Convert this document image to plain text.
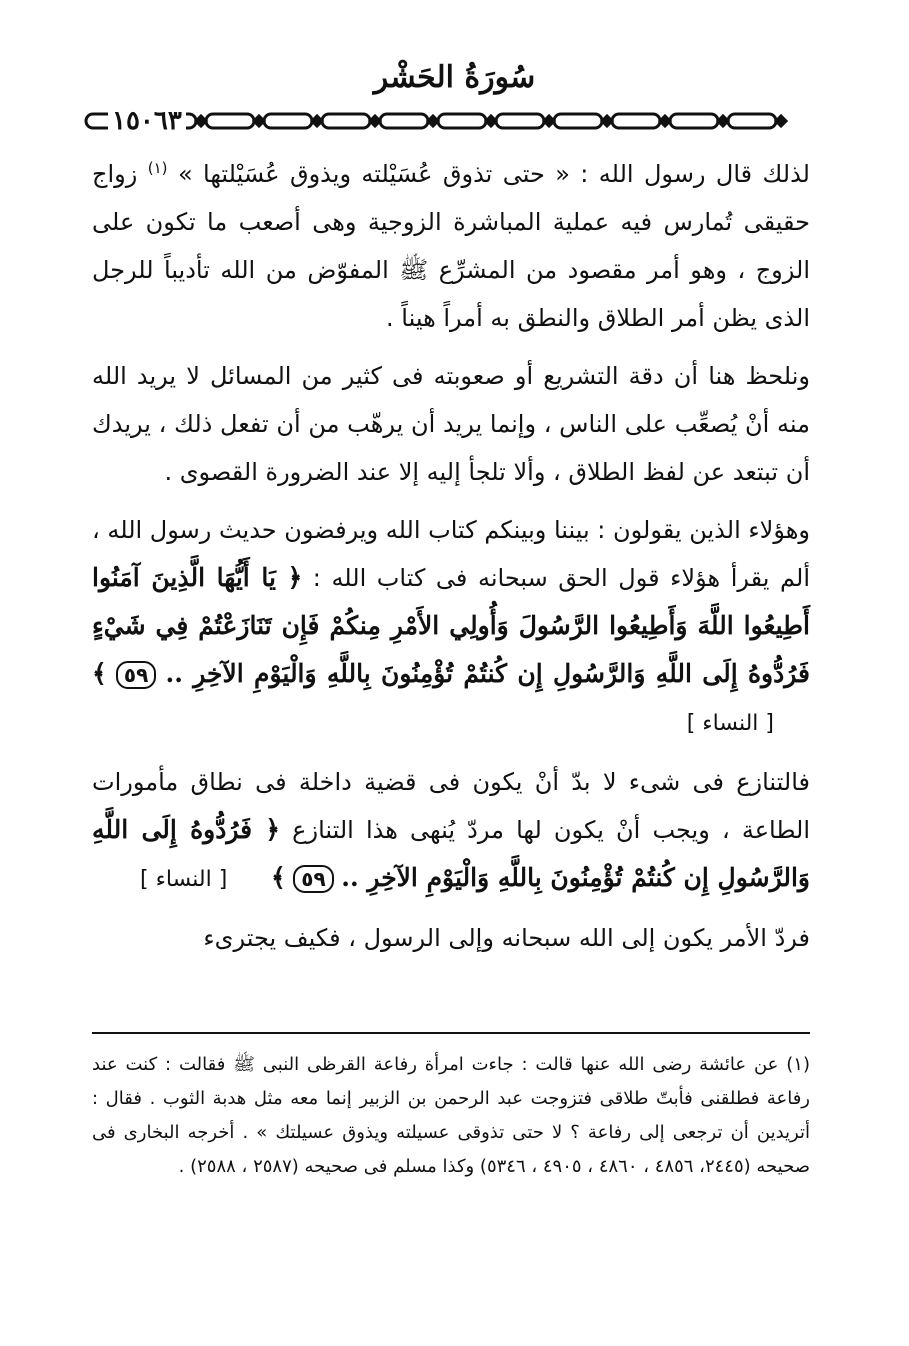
سُورَةُ الحَشْر
١٥٠٦٣

لذلك قال رسول الله : « حتى تذوق عُسَيْلته ويذوق عُسَيْلتها » $^{(١)}$ زواج حقيقى تُمارس فيه عملية المباشرة الزوجية وهى أصعب ما تكون على الزوج ، وهو أمر مقصود من المشرِّع ﷺ المفوّض من الله تأديباً للرجل الذى يظن أمر الطلاق والنطق به أمراً هيناً .

ونلحظ هنا أن دقة التشريع أو صعوبته فى كثير من المسائل لا يريد الله منه أنْ يُصعِّب على الناس ، وإنما يريد أن يرهّب من أن تفعل ذلك ، يريدك أن تبتعد عن لفظ الطلاق ، وألا تلجأ إليه إلا عند الضرورة القصوى .

وهؤلاء الذين يقولون : بيننا وبينكم كتاب الله ويرفضون حديث رسول الله ، ألم يقرأ هؤلاء قول الحق سبحانه فى كتاب الله : ﴿ يَا أَيُّهَا الَّذِينَ آمَنُوا أَطِيعُوا اللَّهَ وَأَطِيعُوا الرَّسُولَ وَأُولِي الأَمْرِ مِنكُمْ فَإِن تَنَازَعْتُمْ فِي شَيْءٍ فَرُدُّوهُ إِلَى اللَّهِ وَالرَّسُولِ إِن كُنتُمْ تُؤْمِنُونَ بِاللَّهِ وَالْيَوْمِ الآخِرِ .. ٥٩ ﴾ [ النساء ]

فالتنازع فى شىء لا بدّ أنْ يكون فى قضية داخلة فى نطاق مأمورات الطاعة ، ويجب أنْ يكون لها مردّ يُنهى هذا التنازع ﴿ فَرُدُّوهُ إِلَى اللَّهِ وَالرَّسُولِ إِن كُنتُمْ تُؤْمِنُونَ بِاللَّهِ وَالْيَوْمِ الآخِرِ .. ٥٩ ﴾ [ النساء ]

فردّ الأمر يكون إلى الله سبحانه وإلى الرسول ، فكيف يجترىء

(١) عن عائشة رضى الله عنها قالت : جاءت امرأة رفاعة القرظى النبى ﷺ فقالت : كنت عند رفاعة فطلقنى فأبتّ طلاقى فتزوجت عبد الرحمن بن الزبير إنما معه مثل هدبة الثوب . فقال : أتريدين أن ترجعى إلى رفاعة ؟ لا حتى تذوقى عسيلته ويذوق عسيلتك » . أخرجه البخارى فى صحيحه (٢٤٤٥، ٤٨٥٦ ، ٤٨٦٠ ، ٤٩٠٥ ، ٥٣٤٦) وكذا مسلم فى صحيحه (٢٥٨٧ ، ٢٥٨٨) .
